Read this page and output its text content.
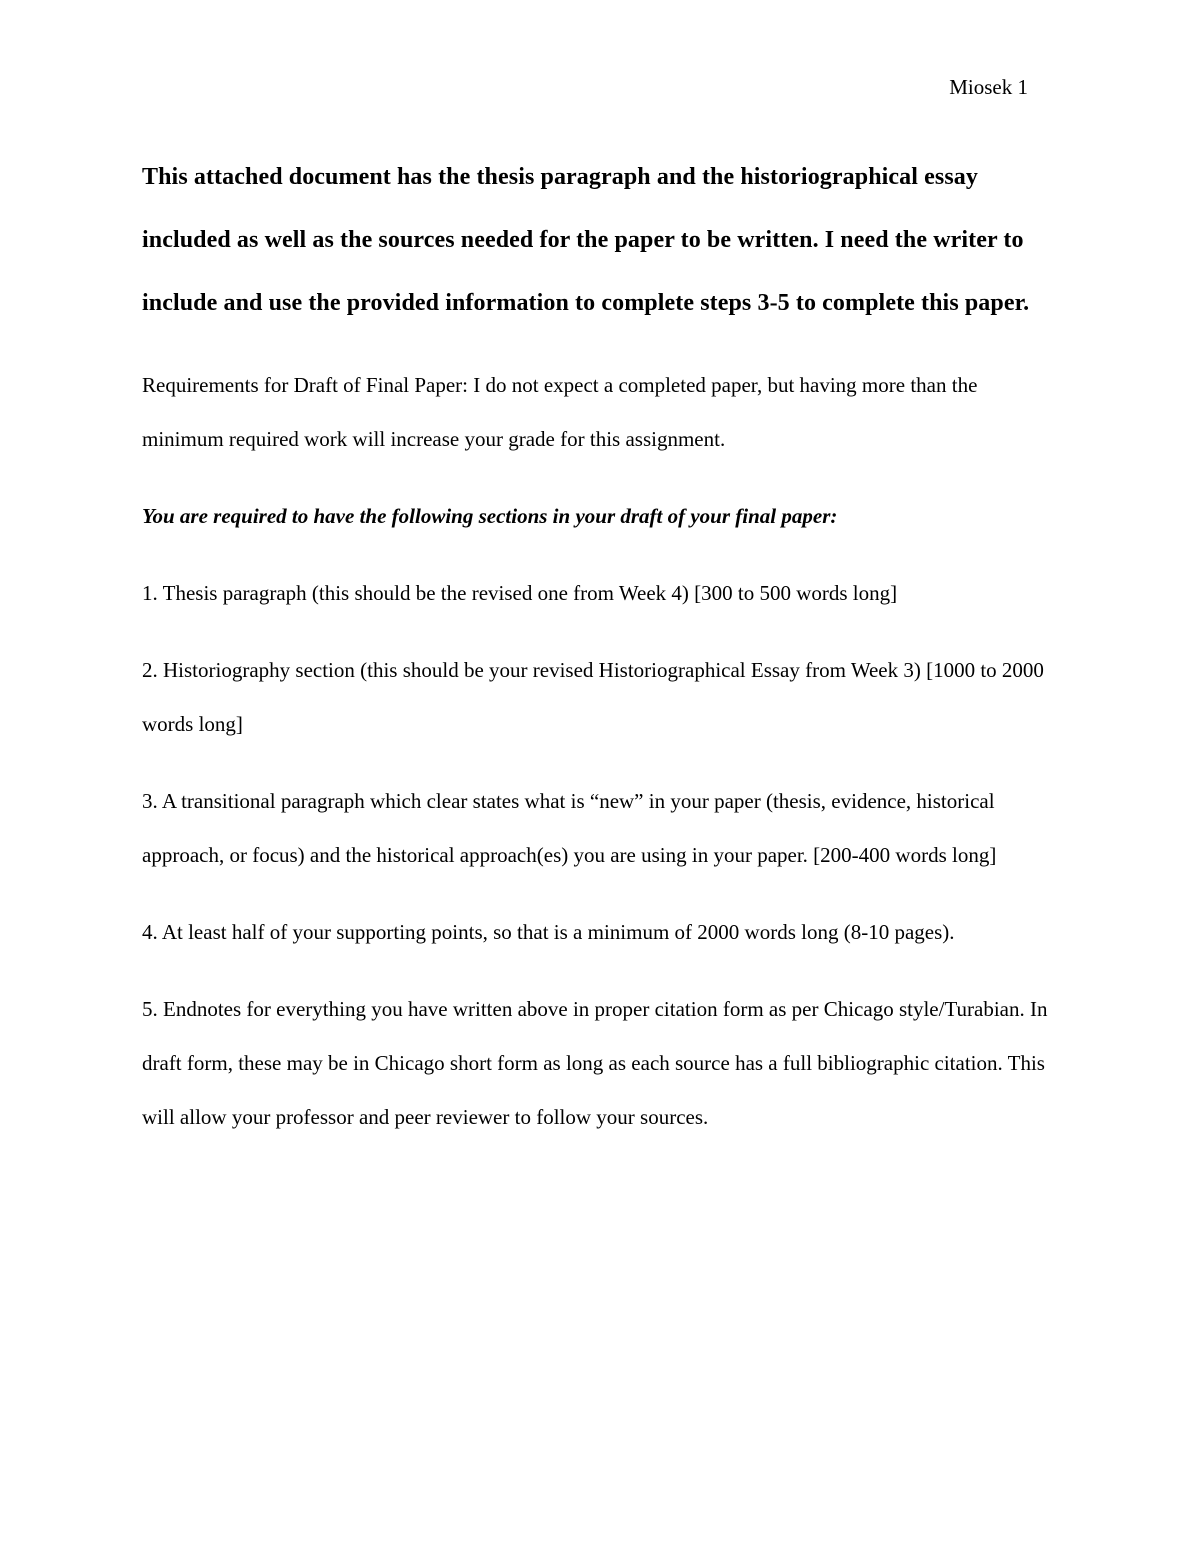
Miosek 1

This attached document has the thesis paragraph and the historiographical essay included as well as the sources needed for the paper to be written. I need the writer to include and use the provided information to complete steps 3-5 to complete this paper.

Requirements for Draft of Final Paper: I do not expect a completed paper, but having more than the minimum required work will increase your grade for this assignment.

You are required to have the following sections in your draft of your final paper:

1. Thesis paragraph (this should be the revised one from Week 4) [300 to 500 words long]

2. Historiography section (this should be your revised Historiographical Essay from Week 3) [1000 to 2000 words long]

3. A transitional paragraph which clear states what is “new” in your paper (thesis, evidence, historical approach, or focus) and the historical approach(es) you are using in your paper. [200-400 words long]

4. At least half of your supporting points, so that is a minimum of 2000 words long (8-10 pages).

5. Endnotes for everything you have written above in proper citation form as per Chicago style/Turabian. In draft form, these may be in Chicago short form as long as each source has a full bibliographic citation. This will allow your professor and peer reviewer to follow your sources.
